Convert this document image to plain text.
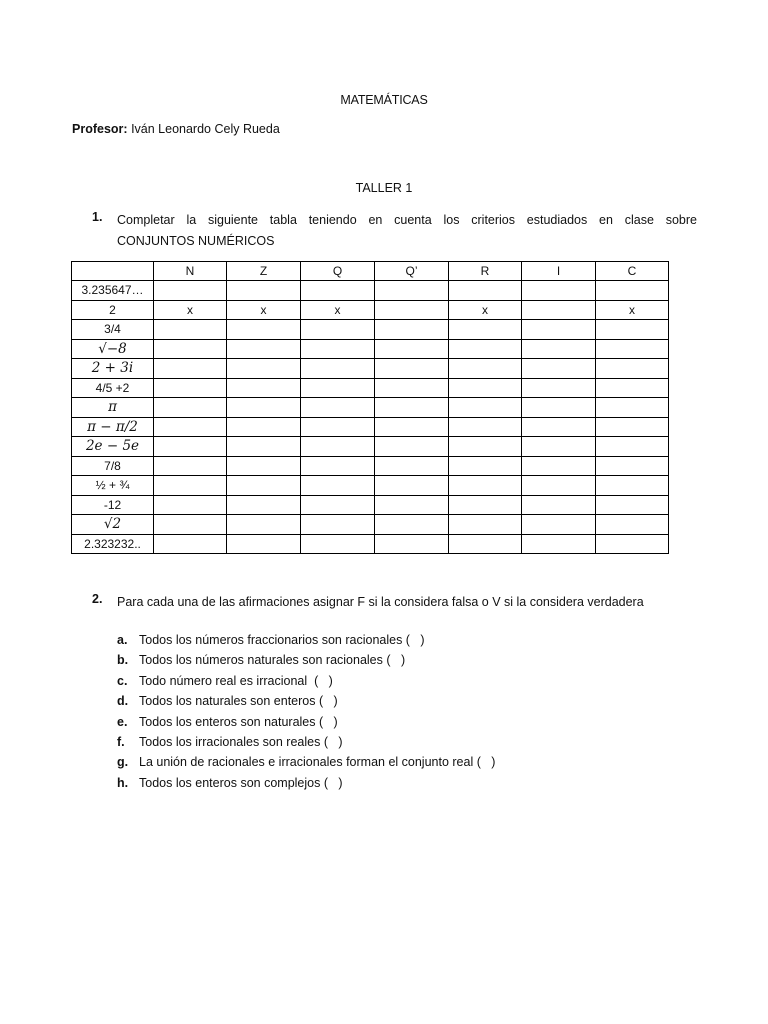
MATEMÁTICAS
Profesor: Iván Leonardo Cely Rueda
TALLER 1
1. Completar la siguiente tabla teniendo en cuenta los criterios estudiados en clase sobre
CONJUNTOS NUMÉRICOS
	N	Z	Q	Q’	R	I	C
3.235647…							
2	x	x	x		x		x
3/4							
√−8							
2 + 3i							
4/5 +2							
π							
π − π/2							
2e − 5e							
7/8							
½ + ¾							
-12							
√2							
2.323232..							
2. Para cada una de las afirmaciones asignar F si la considera falsa o V si la considera verdadera
a. Todos los números fraccionarios son racionales (   )
b. Todos los números naturales son racionales (   )
c. Todo número real es irracional  (   )
d. Todos los naturales son enteros (   )
e. Todos los enteros son naturales (   )
f. Todos los irracionales son reales (   )
g. La unión de racionales e irracionales forman el conjunto real (   )
h. Todos los enteros son complejos (   )
